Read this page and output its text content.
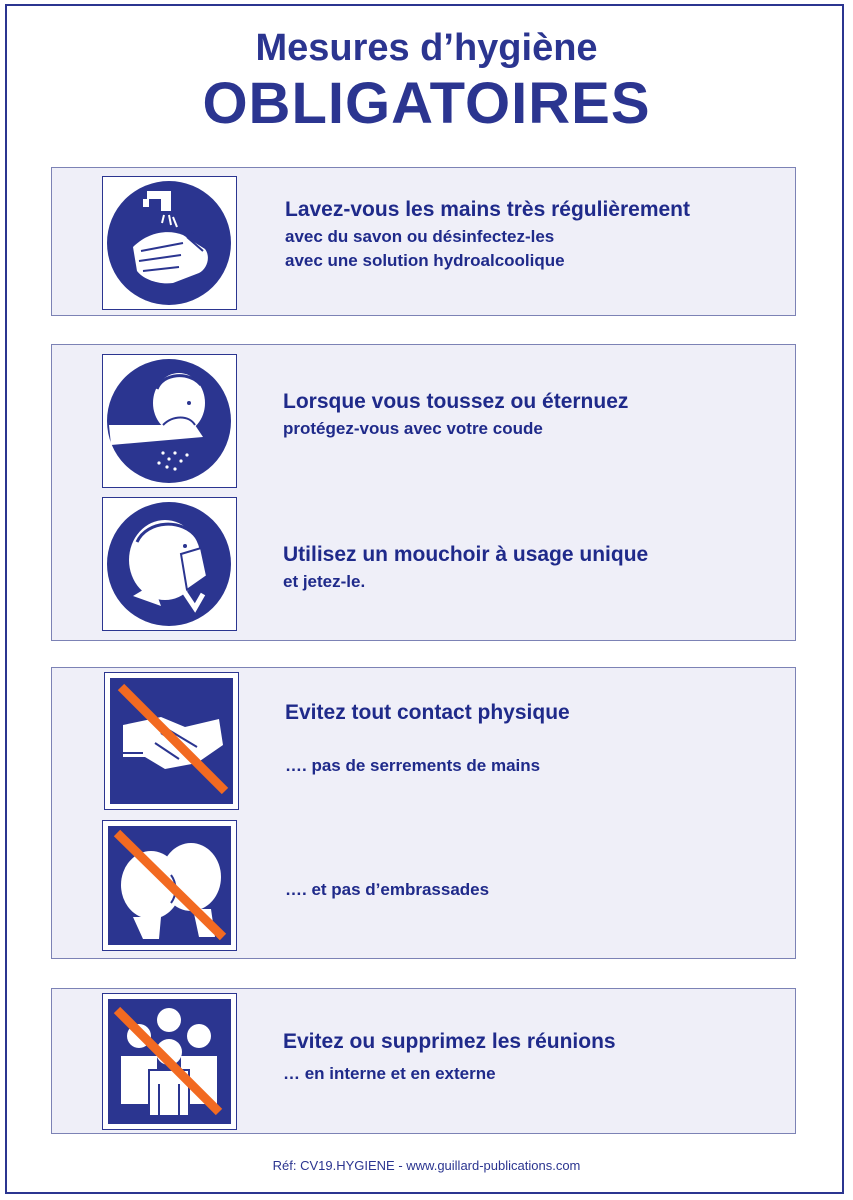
Mesures d’hygiène
OBLIGATOIRES
Lavez-vous les mains très régulièrement
avec du savon ou désinfectez-les
avec une solution hydroalcoolique
Lorsque vous toussez ou éternuez
protégez-vous avec votre coude
Utilisez un mouchoir à usage unique
et jetez-le.
Evitez tout contact physique
…. pas de serrements de mains
…. et pas d’embrassades
Evitez ou supprimez les réunions
… en interne et en externe
Réf: CV19.HYGIENE - www.guillard-publications.com
